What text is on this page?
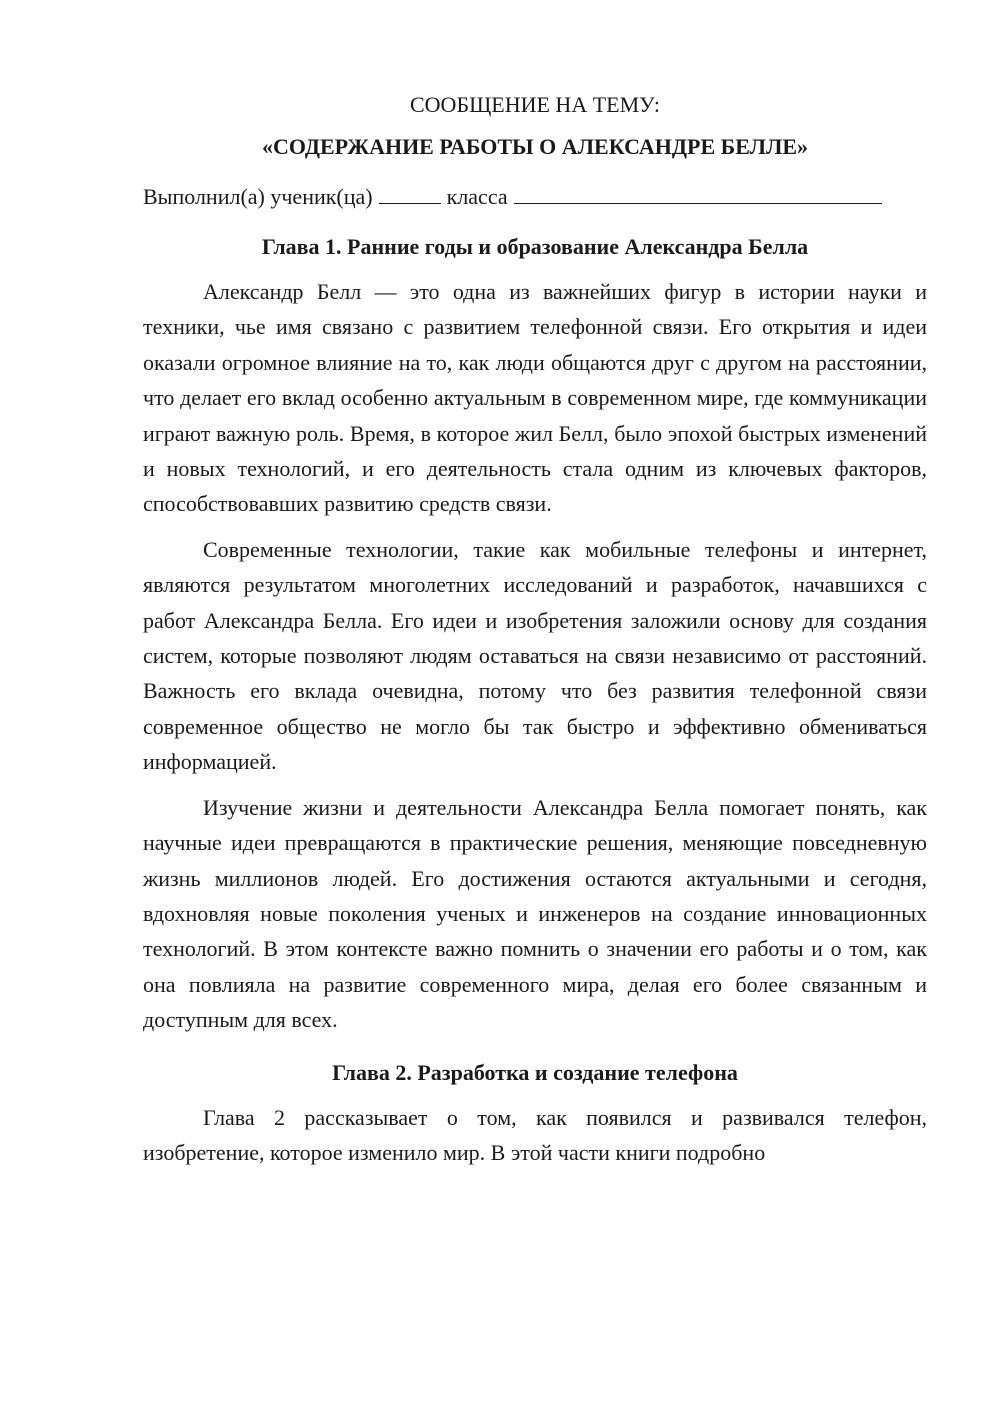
СООБЩЕНИЕ НА ТЕМУ:

«СОДЕРЖАНИЕ РАБОТЫ О АЛЕКСАНДРЕ БЕЛЛЕ»

Выполнил(а) ученик(ца)	класса

Глава 1. Ранние годы и образование Александра Белла

Александр Белл — это одна из важнейших фигур в истории науки и техники, чье имя связано с развитием телефонной связи. Его открытия и идеи оказали огромное влияние на то, как люди общаются друг с другом на расстоянии, что делает его вклад особенно актуальным в современном мире, где коммуникации играют важную роль. Время, в которое жил Белл, было эпохой быстрых изменений и новых технологий, и его деятельность стала одним из ключевых факторов, способствовавших развитию средств связи.

Современные технологии, такие как мобильные телефоны и интернет, являются результатом многолетних исследований и разработок, начавшихся с работ Александра Белла. Его идеи и изобретения заложили основу для создания систем, которые позволяют людям оставаться на связи независимо от расстояний. Важность его вклада очевидна, потому что без развития телефонной связи современное общество не могло бы так быстро и эффективно обмениваться информацией.

Изучение жизни и деятельности Александра Белла помогает понять, как научные идеи превращаются в практические решения, меняющие повседневную жизнь миллионов людей. Его достижения остаются актуальными и сегодня, вдохновляя новые поколения ученых и инженеров на создание инновационных технологий. В этом контексте важно помнить о значении его работы и о том, как она повлияла на развитие современного мира, делая его более связанным и доступным для всех.

Глава 2. Разработка и создание телефона

Глава 2 рассказывает о том, как появился и развивался телефон, изобретение, которое изменило мир. В этой части книги подробно
